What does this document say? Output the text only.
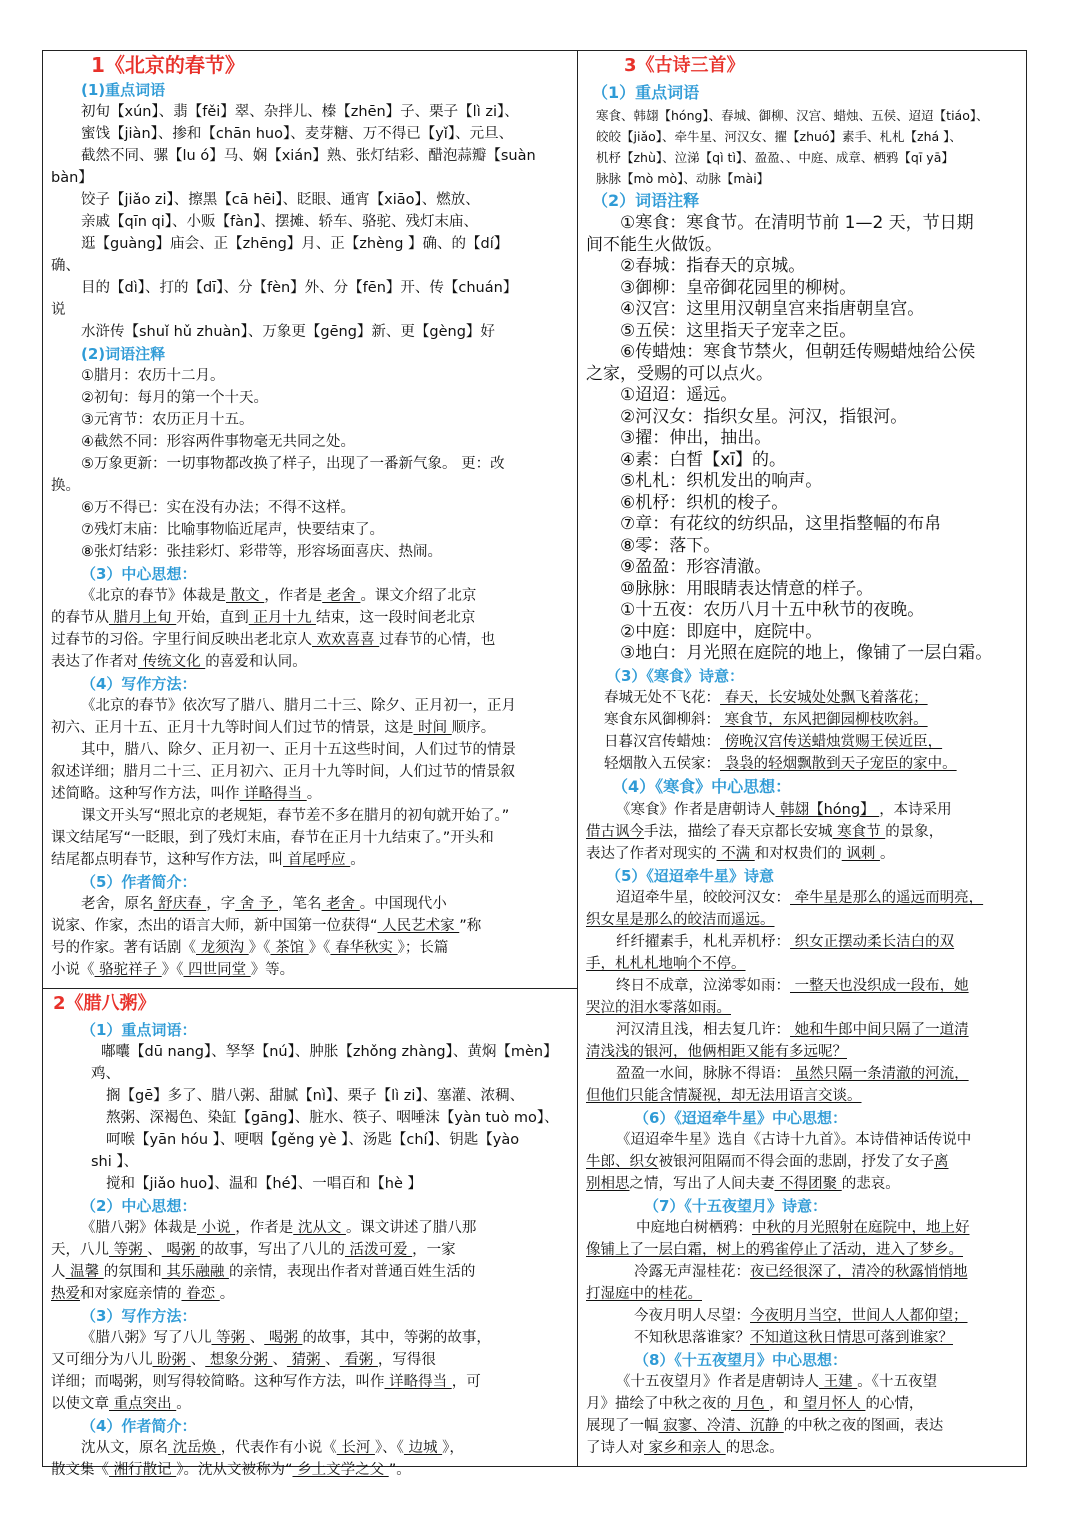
1《北京的春节》
(1)重点词语
初旬【xún】、翡【fěi】翠、杂拌儿、榛【zhēn】子、栗子【lì zi】、
蜜饯【jiàn】、掺和【chān huo】、麦芽糖、万不得已【yǐ】、元旦、
截然不同、骡【lu ó】马、娴【xián】熟、张灯结彩、醋泡蒜瓣【suàn
bàn】
饺子【jiǎo zi】、擦黑【cā hēi】、眨眼、通宵【xiāo】、燃放、
亲戚【qīn qi】、小贩【fàn】、摆摊、轿车、骆驼、残灯末庙、
逛【guàng】庙会、正【zhēng】月、正【zhèng 】确、的【dí】
确、
目的【dì】、打的【dī】、分【fèn】外、分【fēn】开、传【chuán】
说
水浒传【shuǐ hǔ zhuàn】、万象更【gēng】新、更【gèng】好
(2)词语注释
①腊月：农历十二月。
②初旬：每月的第一个十天。
③元宵节：农历正月十五。
④截然不同：形容两件事物毫无共同之处。
⑤万象更新：一切事物都改换了样子，出现了一番新气象。 更：改
换。
⑥万不得已：实在没有办法；不得不这样。
⑦残灯末庙：比喻事物临近尾声，快要结束了。
⑧张灯结彩：张挂彩灯、彩带等，形容场面喜庆、热闹。
（3）中心思想：
《北京的春节》体裁是 散文 ，作者是 老舍 。课文介绍了北京
的春节从 腊月上旬 开始，直到 正月十九 结束，这一段时间老北京
过春节的习俗。字里行间反映出老北京人 欢欢喜喜 过春节的心情，也
表达了作者对 传统文化 的喜爱和认同。
（4）写作方法：
《北京的春节》依次写了腊八、腊月二十三、除夕、正月初一，正月
初六、正月十五、正月十九等时间人们过节的情景，这是 时间 顺序。
其中，腊八、除夕、正月初一、正月十五这些时间，人们过节的情景
叙述详细；腊月二十三、正月初六、正月十九等时间，人们过节的情景叙
述简略。这种写作方法，叫作 详略得当 。
课文开头写“照北京的老规矩，春节差不多在腊月的初旬就开始了。”
课文结尾写“一眨眼，到了残灯末庙，春节在正月十九结束了。”开头和
结尾都点明春节，这种写作方法，叫 首尾呼应 。
（5）作者简介：
老舍，原名 舒庆春 ，字 舍 予 ，笔名 老舍 。中国现代小
说家、作家，杰出的语言大师，新中国第一位获得“ 人民艺术家 ”称
号的作家。著有话剧《 龙须沟 》《 茶馆 》《 春华秋实 》；长篇
小说《 骆驼祥子 》《 四世同堂 》等。
2《腊八粥》
（1）重点词语：
嘟囔【dū nang】、孥孥【nú】、肿胀【zhǒng zhàng】、黄焖【mèn】
鸡、
搁【gē】多了、腊八粥、甜腻【nì】、栗子【lì zi】、塞灌、浓稠、
熬粥、深褐色、染缸【gāng】、脏水、筷子、咽唾沫【yàn tuò mo】、
呵喉【yān hóu 】、哽咽【gěng yè 】、汤匙【chí】、钥匙【yào
shi 】、
搅和【jiǎo huo】、温和【hé】、一唱百和【hè 】
（2）中心思想：
《腊八粥》体裁是 小说 ，作者是 沈从文 。课文讲述了腊八那
天，八儿 等粥 、 喝粥 的故事，写出了八儿的 活泼可爱 ，一家
人 温馨 的氛围和 其乐融融 的亲情，表现出作者对普通百姓生活的
热爱和对家庭亲情的 眷恋 。
（3）写作方法：
《腊八粥》写了八儿 等粥 、 喝粥 的故事，其中，等粥的故事，
又可细分为八儿 盼粥 、 想象分粥 、 猜粥 、 看粥 ，写得很
详细；而喝粥，则写得较简略。这种写作方法，叫作 详略得当 ，可
以使文章 重点突出 。
（4）作者简介：
沈从文，原名 沈岳焕 ，代表作有小说《 长河 》、《 边城 》，
散文集《 湘行散记 》。沈从文被称为“ 乡土文学之父 ”。
3《古诗三首》
（1）重点词语
寒食、韩翃【hóng】、春城、御柳、汉宫、蜡烛、五侯、迢迢【tiáo】、
皎皎【jiǎo】、牵牛星、河汉女、擢【zhuó】素手、札札【zhá 】、
机杼【zhù】、泣涕【qì tì】、盈盈、、中庭、成章、栖鸦【qī yā】
脉脉【mò mò】、动脉【mài】
（2）词语注释
①寒食：寒食节。在清明节前 1—2 天，节日期
间不能生火做饭。
②春城：指春天的京城。
③御柳：皇帝御花园里的柳树。
④汉宫：这里用汉朝皇宫来指唐朝皇宫。
⑤五侯：这里指天子宠幸之臣。
⑥传蜡烛：寒食节禁火，但朝廷传赐蜡烛给公侯
之家，受赐的可以点火。
①迢迢：遥远。
②河汉女：指织女星。河汉，指银河。
③擢：伸出，抽出。
④素：白皙【xī】的。
⑤札札：织机发出的响声。
⑥机杼：织机的梭子。
⑦章：有花纹的纺织品，这里指整幅的布帛
⑧零：落下。
⑨盈盈：形容清澈。
⑩脉脉：用眼睛表达情意的样子。
①十五夜：农历八月十五中秋节的夜晚。
②中庭：即庭中，庭院中。
③地白：月光照在庭院的地上，像铺了一层白霜。
（3）《寒食》诗意：
春城无处不飞花： 春天，长安城处处飘飞着落花；
寒食东风御柳斜： 寒食节，东风把御园柳枝吹斜。
日暮汉宫传蜡烛： 傍晚汉宫传送蜡烛赏赐王侯近臣，
轻烟散入五侯家： 袅袅的轻烟飘散到天子宠臣的家中。
（4）《寒食》中心思想：
《寒食》作者是唐朝诗人 韩翃【hóng】 ，本诗采用
借古讽今手法，描绘了春天京都长安城 寒食节 的景象，
表达了作者对现实的 不满 和对权贵们的 讽刺 。
（5）《迢迢牵牛星》诗意
迢迢牵牛星，皎皎河汉女： 牵牛星是那么的遥远而明亮，
织女星是那么的皎洁而遥远。
纤纤擢素手，札札弄机杼： 织女正摆动柔长洁白的双
手，札札札地响个不停。
终日不成章，泣涕零如雨： 一整天也没织成一段布，她
哭泣的泪水零落如雨。
河汉清且浅，相去复几许： 她和牛郎中间只隔了一道清
清浅浅的银河，他俩相距又能有多远呢？
盈盈一水间，脉脉不得语： 虽然只隔一条清澈的河流，
但他们只能含情凝视，却无法用语言交谈。
（6）《迢迢牵牛星》中心思想：
《迢迢牵牛星》选自《古诗十九首》。本诗借神话传说中
牛郎、织女被银河阻隔而不得会面的悲剧，抒发了女子离
别相思之情，写出了人间夫妻 不得团聚 的悲哀。
（7）《十五夜望月》诗意：
中庭地白树栖鸦：中秋的月光照射在庭院中，地上好
像铺上了一层白霜，树上的鸦雀停止了活动，进入了梦乡。
冷露无声湿桂花：夜已经很深了，清冷的秋露悄悄地
打湿庭中的桂花。
今夜月明人尽望：今夜明月当空，世间人人都仰望；
不知秋思落谁家？不知道这秋日情思可落到谁家？
（8）《十五夜望月》中心思想：
《十五夜望月》作者是唐朝诗人 王建 。《十五夜望
月》描绘了中秋之夜的 月色 ，和 望月怀人 的心情，
展现了一幅 寂寥、冷清、沉静 的中秋之夜的图画，表达
了诗人对 家乡和亲人 的思念。
